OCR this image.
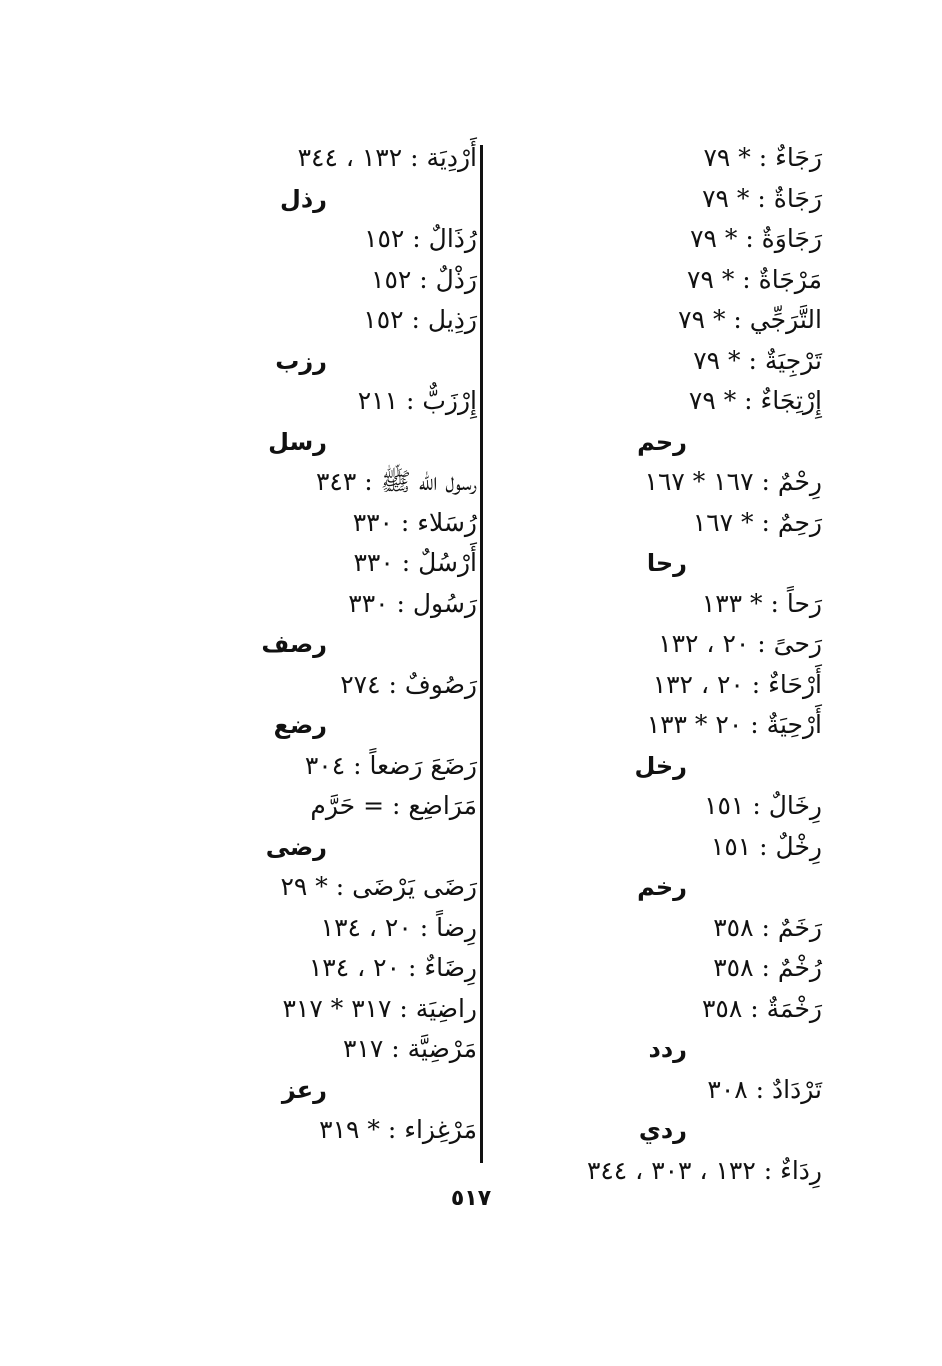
رَجَاءٌ : * ٧٩
رَجَاةٌ : * ٧٩
رَجَاوَةٌ : * ٧٩
مَرْجَاةٌ : * ٧٩
التَّرَجِّي : * ٧٩
تَرْجِيَةٌ : * ٧٩
إِرْتِجَاءٌ : * ٧٩
رحم
رِحْمٌ : ١٦٧ * ١٦٧
رَحِمٌ : * ١٦٧
رحا
رَحاً : * ١٣٣
رَحىً : ٢٠ ، ١٣٢
أَرْحَاءٌ : ٢٠ ، ١٣٢
أَرْحِيَةٌ : ٢٠ * ١٣٣
رخل
رِخَالٌ : ١٥١
رِخْلٌ : ١٥١
رخم
رَخَمٌ : ٣٥٨
رُخْمٌ : ٣٥٨
رَخْمَةٌ : ٣٥٨
ردد
تَرْدَادٌ : ٣٠٨
ردي
رِدَاءٌ : ١٣٢ ، ٣٠٣ ، ٣٤٤
أَرْدِيَة : ١٣٢ ، ٣٤٤
رذل
رُذَالٌ : ١٥٢
رَذْلٌ : ١٥٢
رَذِيل : ١٥٢
رزب
إِرْزَبٌّ : ٢١١
رسل
رسول الله ﷺ : ٣٤٣
رُسَلاء : ٣٣٠
أَرْسُلٌ : ٣٣٠
رَسُول : ٣٣٠
رصف
رَصُوفٌ : ٢٧٤
رضع
رَضَعَ رَضعاً : ٣٠٤
مَرَاضِع : = حَرَّم
رضى
رَضَى يَرْضَى : * ٢٩
رِضاً : ٢٠ ، ١٣٤
رِضَاءٌ : ٢٠ ، ١٣٤
راضِيَة : ٣١٧ * ٣١٧
مَرْضِيَّة : ٣١٧
رعز
مَرْغِزاء : * ٣١٩
٥١٧
